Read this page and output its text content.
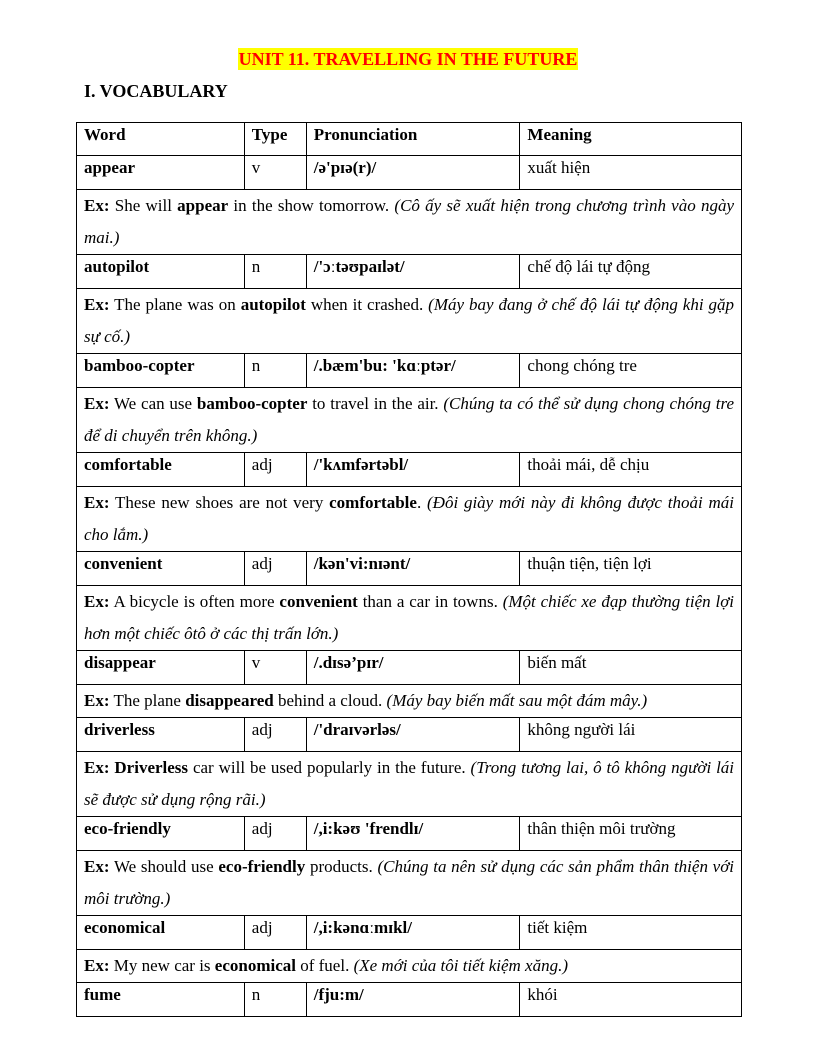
UNIT 11. TRAVELLING IN THE FUTURE
I. VOCABULARY
Word	Type	Pronunciation	Meaning
appear	v	/ə'pɪə(r)/	xuất hiện
Ex: She will appear in the show tomorrow. (Cô ấy sẽ xuất hiện trong chương trình vào ngày mai.)			
autopilot	n	/'ɔːtəʊpaɪlət/	chế độ lái tự động
Ex: The plane was on autopilot when it crashed. (Máy bay đang ở chế độ lái tự động khi gặp sự cố.)			
bamboo-copter	n	/.bæm'bu: 'kɑːptər/	chong chóng tre
Ex: We can use bamboo-copter to travel in the air. (Chúng ta có thể sử dụng chong chóng tre để di chuyển trên không.)			
comfortable	adj	/'kʌmfərtəbl/	thoải mái, dễ chịu
Ex: These new shoes are not very comfortable. (Đôi giày mới này đi không được thoải mái cho lắm.)			
convenient	adj	/kən'vi:nɪənt/	thuận tiện, tiện lợi
Ex: A bicycle is often more convenient than a car in towns. (Một chiếc xe đạp thường tiện lợi hơn một chiếc ôtô ở các thị trấn lớn.)			
disappear	v	/.dɪsə’pɪr/	biến mất
Ex: The plane disappeared behind a cloud. (Máy bay biến mất sau một đám mây.)			
driverless	adj	/'draɪvərləs/	không người lái
Ex: Driverless car will be used popularly in the future. (Trong tương lai, ô tô không người lái sẽ được sử dụng rộng rãi.)			
eco-friendly	adj	/,i:kəʊ 'frendlɪ/	thân thiện môi trường
Ex: We should use eco-friendly products. (Chúng ta nên sử dụng các sản phẩm thân thiện với môi trường.)			
economical	adj	/,i:kənɑːmɪkl/	tiết kiệm
Ex: My new car is economical of fuel. (Xe mới của tôi tiết kiệm xăng.)			
fume	n	/fju:m/	khói
